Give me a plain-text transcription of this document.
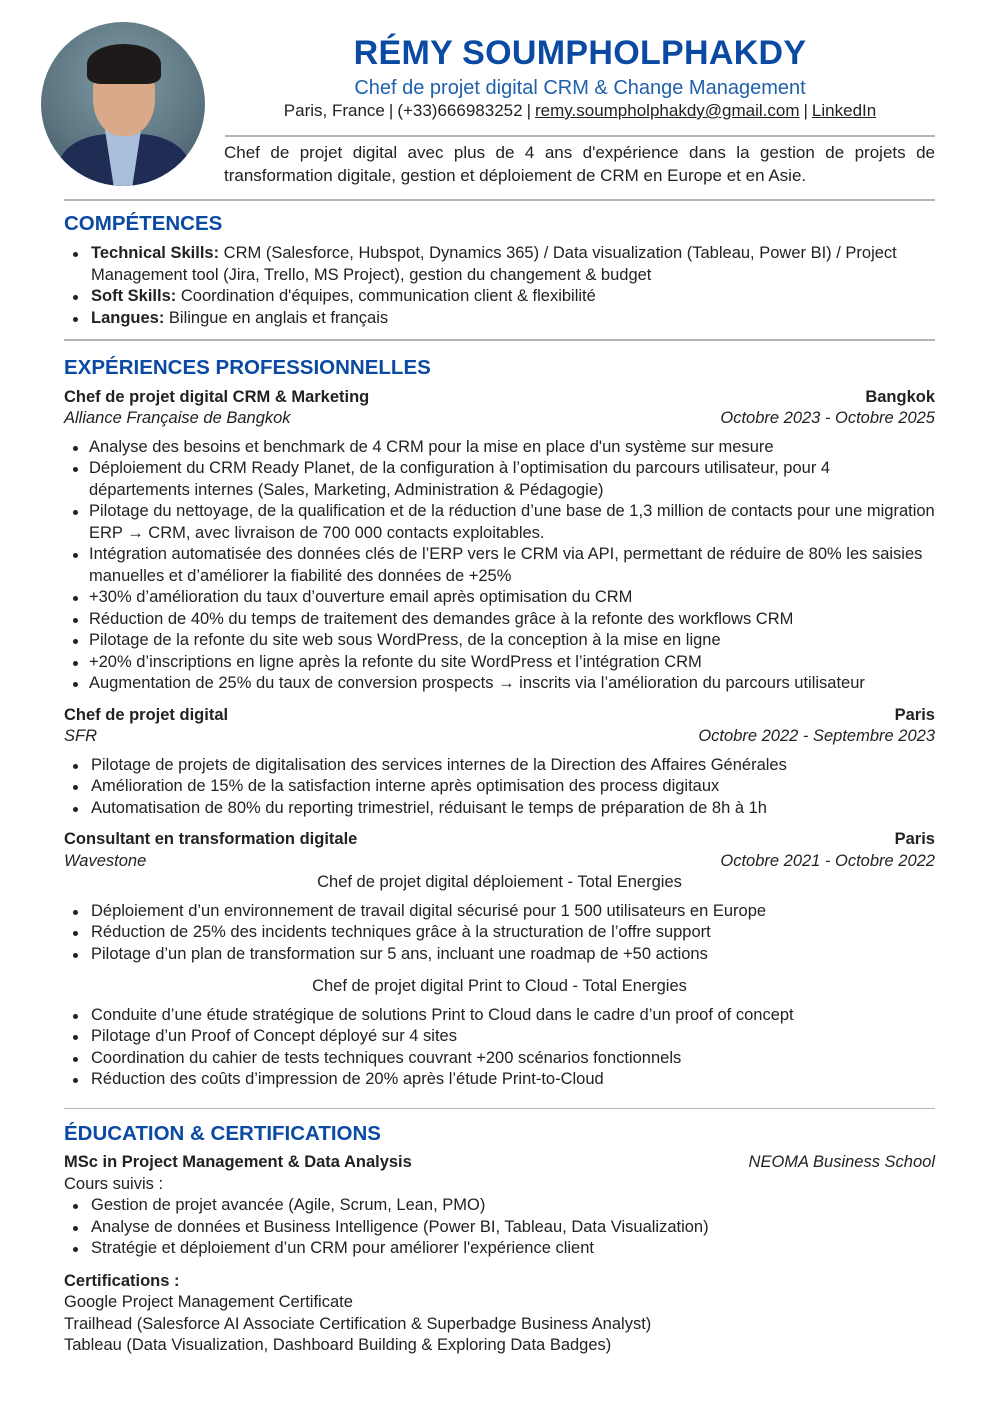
RÉMY SOUMPHOLPHAKDY
Chef de projet digital CRM & Change Management
Paris, France | (+33)666983252 | remy.soumpholphakdy@gmail.com | LinkedIn
Chef de projet digital avec plus de 4 ans d'expérience dans la gestion de projets de transformation digitale, gestion et déploiement de CRM en Europe et en Asie.
COMPÉTENCES
Technical Skills: CRM (Salesforce, Hubspot, Dynamics 365) / Data visualization (Tableau, Power BI) / Project Management tool (Jira, Trello, MS Project), gestion du changement & budget
Soft Skills: Coordination d'équipes, communication client & flexibilité
Langues: Bilingue en anglais et français
EXPÉRIENCES PROFESSIONNELLES
Chef de projet digital CRM & Marketing	Bangkok
Alliance Française de Bangkok	Octobre 2023 - Octobre 2025
Analyse des besoins et benchmark de 4 CRM pour la mise en place d'un système sur mesure
Déploiement du CRM Ready Planet, de la configuration à l’optimisation du parcours utilisateur, pour 4 départements internes (Sales, Marketing, Administration & Pédagogie)
Pilotage du nettoyage, de la qualification et de la réduction d’une base de 1,3 million de contacts pour une migration ERP → CRM, avec livraison de 700 000 contacts exploitables.
Intégration automatisée des données clés de l’ERP vers le CRM via API, permettant de réduire de 80% les saisies manuelles et d’améliorer la fiabilité des données de +25%
+30% d’amélioration du taux d’ouverture email après optimisation du CRM
Réduction de 40% du temps de traitement des demandes grâce à la refonte des workflows CRM
Pilotage de la refonte du site web sous WordPress, de la conception à la mise en ligne
+20% d’inscriptions en ligne après la refonte du site WordPress et l’intégration CRM
Augmentation de 25% du taux de conversion prospects → inscrits via l’amélioration du parcours utilisateur
Chef de projet digital	Paris
SFR	Octobre 2022 - Septembre 2023
Pilotage de projets de digitalisation des services internes de la Direction des Affaires Générales
Amélioration de 15% de la satisfaction interne après optimisation des process digitaux
Automatisation de 80% du reporting trimestriel, réduisant le temps de préparation de 8h à 1h
Consultant en transformation digitale	Paris
Wavestone	Octobre 2021 - Octobre 2022
Chef de projet digital déploiement - Total Energies
Déploiement d’un environnement de travail digital sécurisé pour 1 500 utilisateurs en Europe
Réduction de 25% des incidents techniques grâce à la structuration de l’offre support
Pilotage d’un plan de transformation sur 5 ans, incluant une roadmap de +50 actions
Chef de projet digital Print to Cloud - Total Energies
Conduite d’une étude stratégique de solutions Print to Cloud dans le cadre d’un proof of concept
Pilotage d’un Proof of Concept déployé sur 4 sites
Coordination du cahier de tests techniques couvrant +200 scénarios fonctionnels
Réduction des coûts d’impression de 20% après l’étude Print-to-Cloud
ÉDUCATION & CERTIFICATIONS
MSc in Project Management & Data Analysis	NEOMA Business School
Cours suivis :
Gestion de projet avancée (Agile, Scrum, Lean, PMO)
Analyse de données et Business Intelligence (Power BI, Tableau, Data Visualization)
Stratégie et déploiement d’un CRM pour améliorer l'expérience client
Certifications :
Google Project Management Certificate
Trailhead (Salesforce AI Associate Certification & Superbadge Business Analyst)
Tableau (Data Visualization, Dashboard Building & Exploring Data Badges)
